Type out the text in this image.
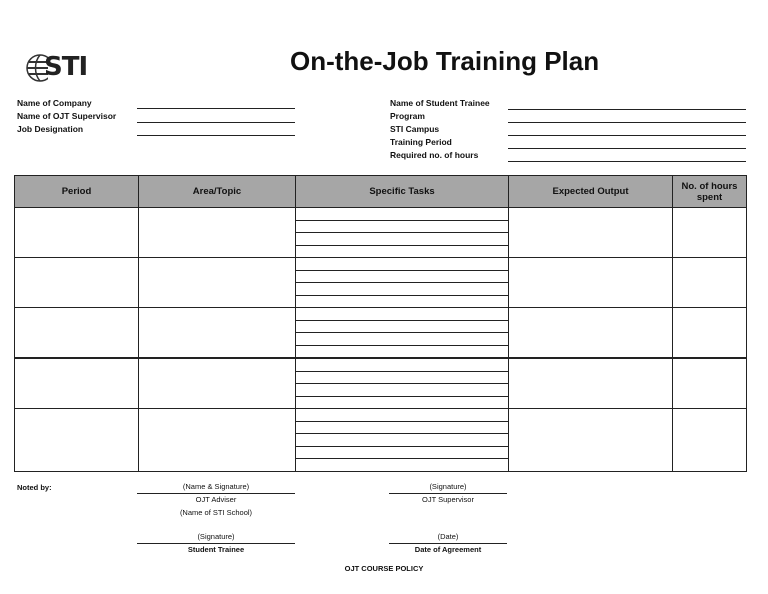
STI	On-the-Job Training Plan
Name of Company
Name of OJT Supervisor
Job Designation
Name of Student Trainee
Program
STI Campus
Training Period
Required no. of hours
Period	Area/Topic	Specific Tasks	Expected Output	No. of hours spent

Noted by:	(Name & Signature)
OJT Adviser
(Name of STI School)
(Signature)
OJT Supervisor
(Signature)
Student Trainee
(Date)
Date of Agreement
OJT COURSE POLICY
